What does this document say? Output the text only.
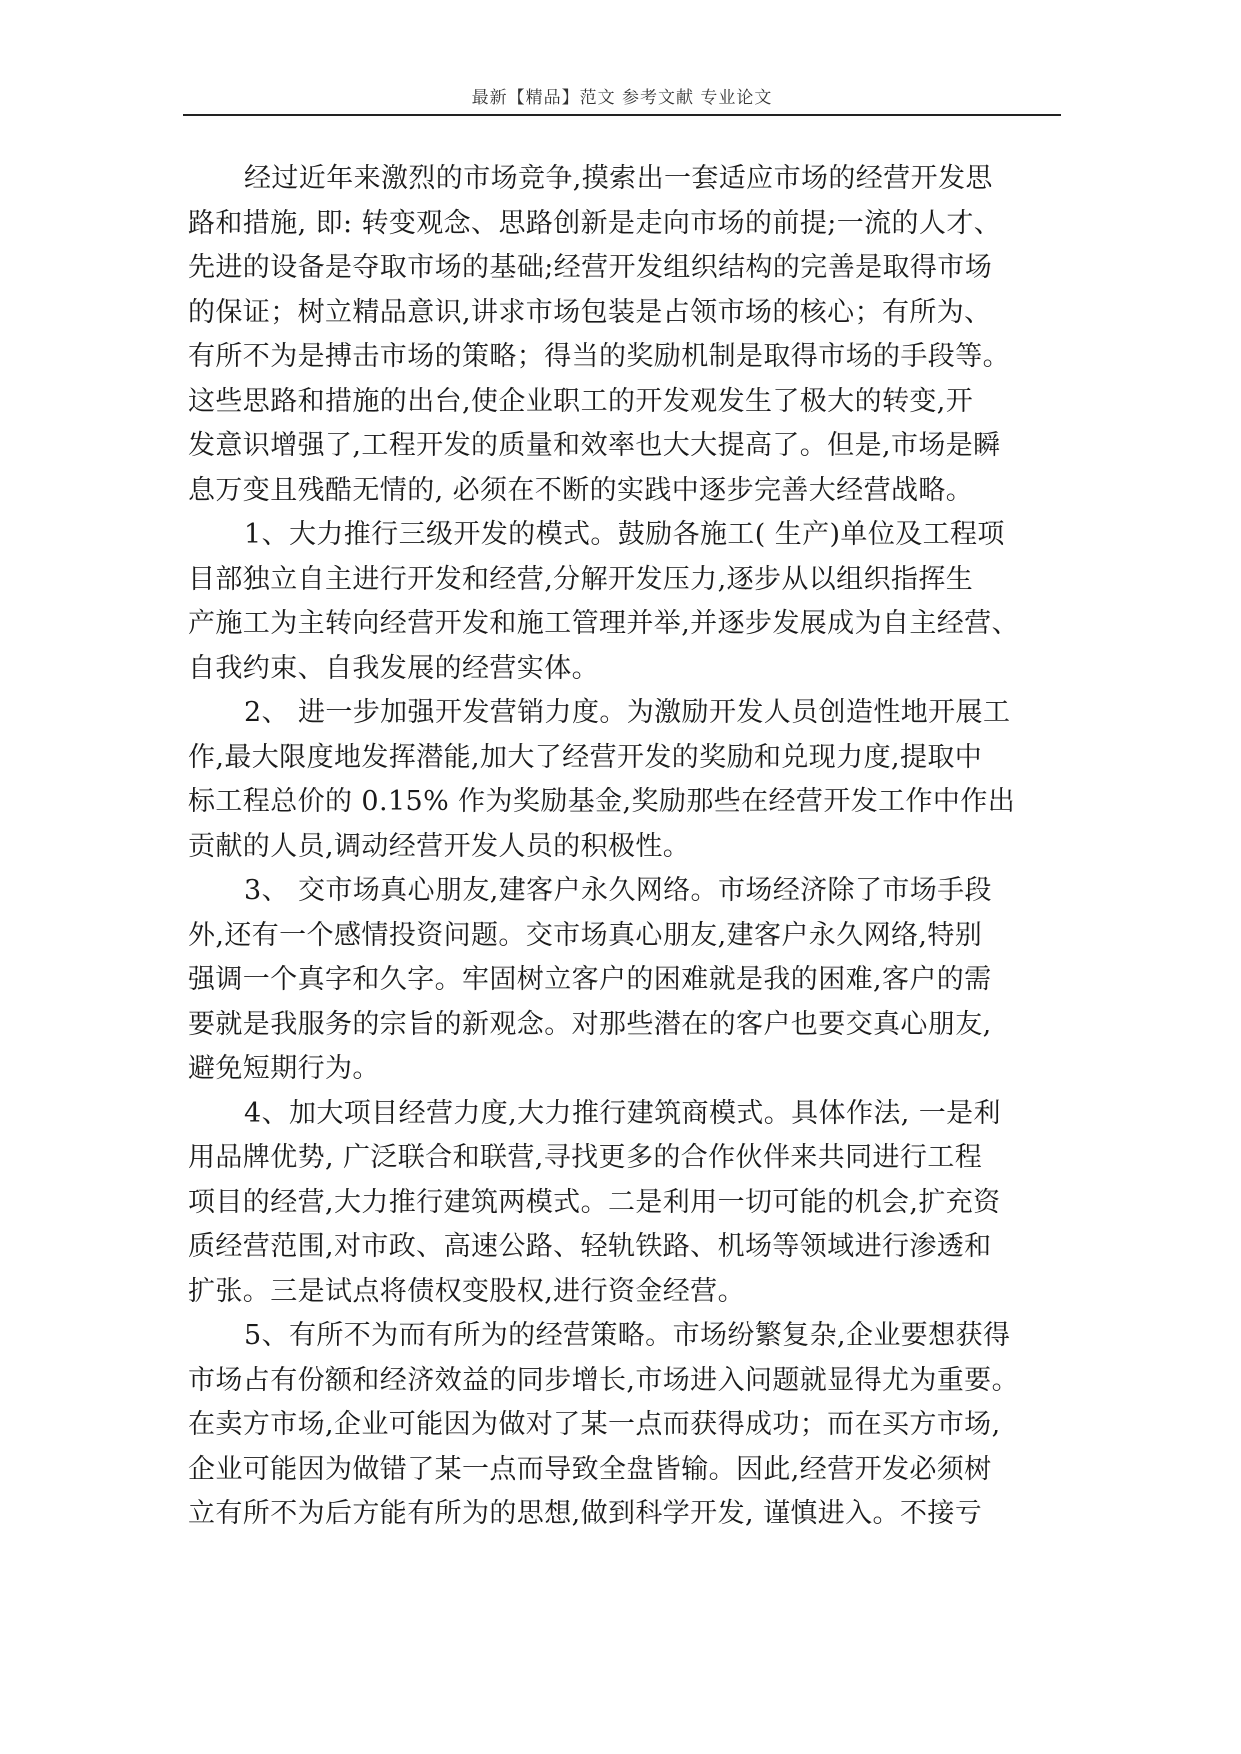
最新【精品】范文 参考文献 专业论文
经过近年来激烈的市场竞争,摸索出一套适应市场的经营开发思
路和措施, 即: 转变观念、思路创新是走向市场的前提;一流的人才、
先进的设备是夺取市场的基础;经营开发组织结构的完善是取得市场
的保证；树立精品意识,讲求市场包装是占领市场的核心；有所为、
有所不为是搏击市场的策略；得当的奖励机制是取得市场的手段等。
这些思路和措施的出台,使企业职工的开发观发生了极大的转变,开
发意识增强了,工程开发的质量和效率也大大提高了。但是,市场是瞬
息万变且残酷无情的, 必须在不断的实践中逐步完善大经营战略。
1、大力推行三级开发的模式。鼓励各施工( 生产)单位及工程项
目部独立自主进行开发和经营,分解开发压力,逐步从以组织指挥生
产施工为主转向经营开发和施工管理并举,并逐步发展成为自主经营、
自我约束、自我发展的经营实体。
2、 进一步加强开发营销力度。为激励开发人员创造性地开展工
作,最大限度地发挥潜能,加大了经营开发的奖励和兑现力度,提取中
标工程总价的 0.15% 作为奖励基金,奖励那些在经营开发工作中作出
贡献的人员,调动经营开发人员的积极性。
3、 交市场真心朋友,建客户永久网络。市场经济除了市场手段
外,还有一个感情投资问题。交市场真心朋友,建客户永久网络,特别
强调一个真字和久字。牢固树立客户的困难就是我的困难,客户的需
要就是我服务的宗旨的新观念。对那些潜在的客户也要交真心朋友,
避免短期行为。
4、加大项目经营力度,大力推行建筑商模式。具体作法, 一是利
用品牌优势, 广泛联合和联营,寻找更多的合作伙伴来共同进行工程
项目的经营,大力推行建筑两模式。二是利用一切可能的机会,扩充资
质经营范围,对市政、高速公路、轻轨铁路、机场等领域进行渗透和
扩张。三是试点将债权变股权,进行资金经营。
5、有所不为而有所为的经营策略。市场纷繁复杂,企业要想获得
市场占有份额和经济效益的同步增长,市场进入问题就显得尤为重要。
在卖方市场,企业可能因为做对了某一点而获得成功；而在买方市场,
企业可能因为做错了某一点而导致全盘皆输。因此,经营开发必须树
立有所不为后方能有所为的思想,做到科学开发, 谨慎进入。不接亏
